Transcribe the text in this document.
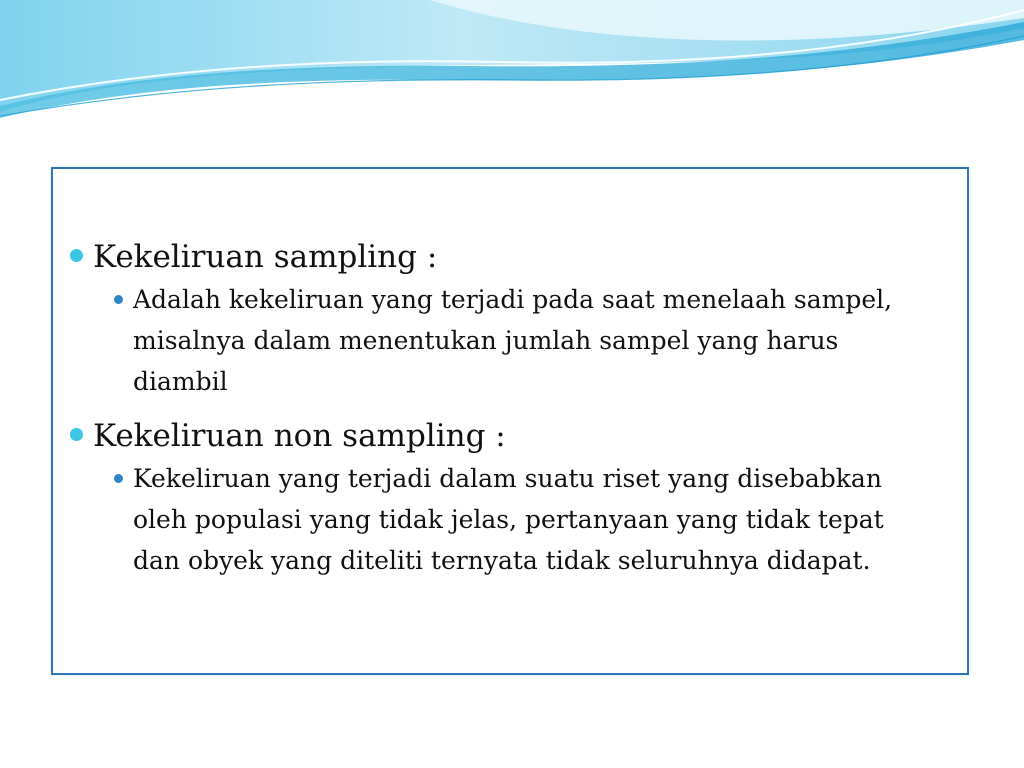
Kekeliruan sampling :
Adalah kekeliruan yang terjadi pada saat menelaah sampel, misalnya dalam menentukan jumlah sampel yang harus diambil
Kekeliruan non sampling :
Kekeliruan yang terjadi dalam suatu riset yang disebabkan oleh populasi yang tidak jelas, pertanyaan yang tidak tepat dan obyek yang diteliti ternyata tidak seluruhnya didapat.
